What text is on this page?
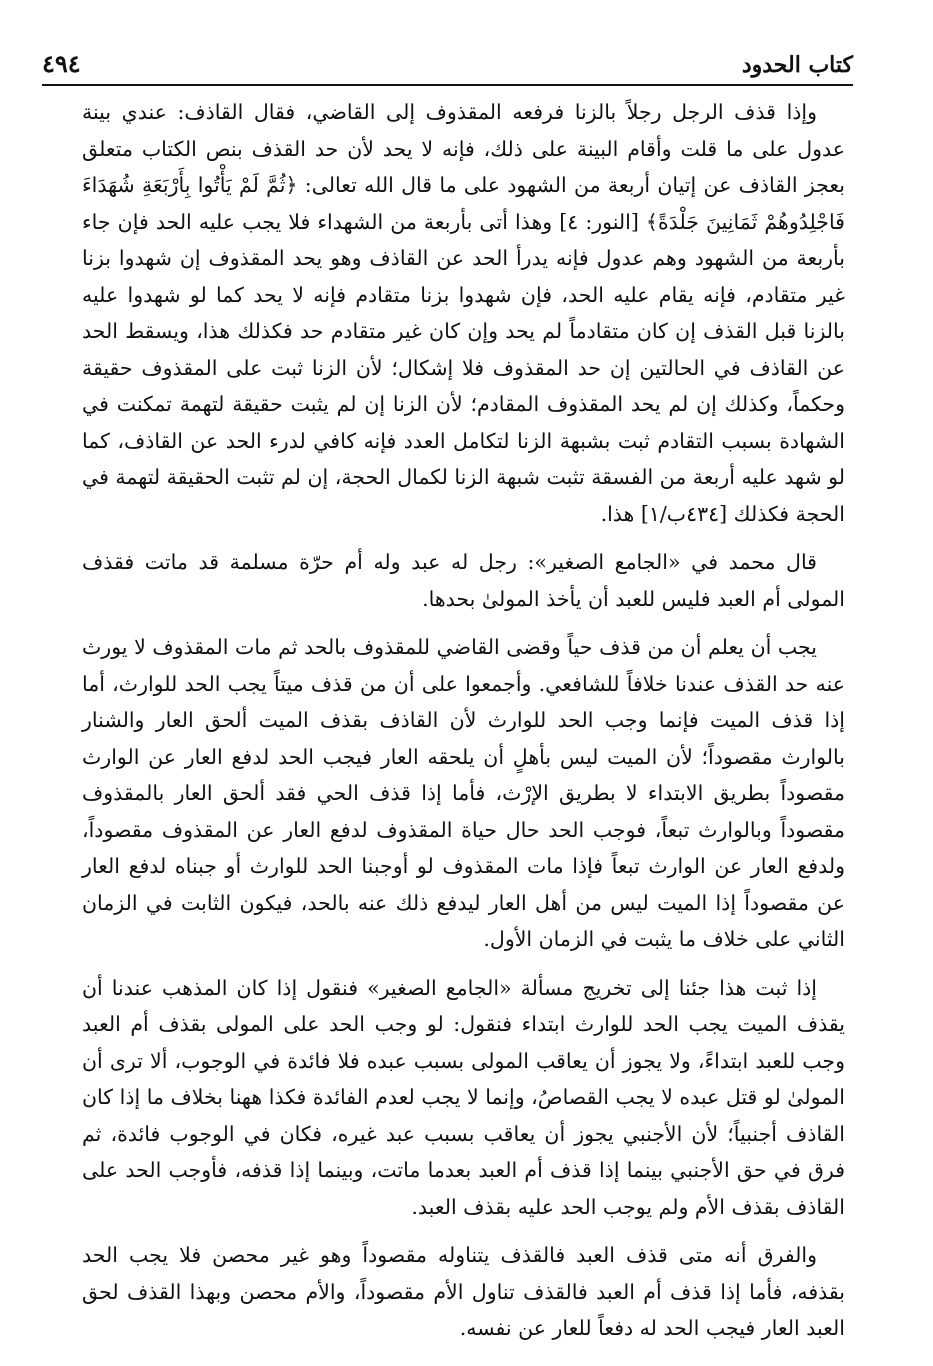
كتاب الحدود
٤٩٤

وإذا قذف الرجل رجلاً بالزنا فرفعه المقذوف إلى القاضي، فقال القاذف: عندي بينة عدول على ما قلت وأقام البينة على ذلك، فإنه لا يحد لأن حد القذف بنص الكتاب متعلق بعجز القاذف عن إتيان أربعة من الشهود على ما قال الله تعالى: ﴿ثُمَّ لَمْ يَأْتُوا بِأَرْبَعَةِ شُهَدَاءَ فَاجْلِدُوهُمْ ثَمَانِينَ جَلْدَةً﴾ [النور: ٤] وهذا أتى بأربعة من الشهداء فلا يجب عليه الحد فإن جاء بأربعة من الشهود وهم عدول فإنه يدرأ الحد عن القاذف وهو يحد المقذوف إن شهدوا بزنا غير متقادم، فإنه يقام عليه الحد، فإن شهدوا بزنا متقادم فإنه لا يحد كما لو شهدوا عليه بالزنا قبل القذف إن كان متقادماً لم يحد وإن كان غير متقادم حد فكذلك هذا، ويسقط الحد عن القاذف في الحالتين إن حد المقذوف فلا إشكال؛ لأن الزنا ثبت على المقذوف حقيقة وحكماً، وكذلك إن لم يحد المقذوف المقادم؛ لأن الزنا إن لم يثبت حقيقة لتهمة تمكنت في الشهادة بسبب التقادم ثبت بشبهة الزنا لتكامل العدد فإنه كافي لدرء الحد عن القاذف، كما لو شهد عليه أربعة من الفسقة تثبت شبهة الزنا لكمال الحجة، إن لم تثبت الحقيقة لتهمة في الحجة فكذلك [٤٣٤ب/١] هذا.

قال محمد في «الجامع الصغير»: رجل له عبد وله أم حرّة مسلمة قد ماتت فقذف المولى أم العبد فليس للعبد أن يأخذ المولىٰ بحدها.

يجب أن يعلم أن من قذف حياً وقضى القاضي للمقذوف بالحد ثم مات المقذوف لا يورث عنه حد القذف عندنا خلافاً للشافعي. وأجمعوا على أن من قذف ميتاً يجب الحد للوارث، أما إذا قذف الميت فإنما وجب الحد للوارث لأن القاذف بقذف الميت ألحق العار والشنار بالوارث مقصوداً؛ لأن الميت ليس بأهلٍ أن يلحقه العار فيجب الحد لدفع العار عن الوارث مقصوداً بطريق الابتداء لا بطريق الإرْث، فأما إذا قذف الحي فقد ألحق العار بالمقذوف مقصوداً وبالوارث تبعاً، فوجب الحد حال حياة المقذوف لدفع العار عن المقذوف مقصوداً، ولدفع العار عن الوارث تبعاً فإذا مات المقذوف لو أوجبنا الحد للوارث أو جبناه لدفع العار عن مقصوداً إذا الميت ليس من أهل العار ليدفع ذلك عنه بالحد، فيكون الثابت في الزمان الثاني على خلاف ما يثبت في الزمان الأول.

إذا ثبت هذا جئنا إلى تخريج مسألة «الجامع الصغير» فنقول إذا كان المذهب عندنا أن يقذف الميت يجب الحد للوارث ابتداء فنقول: لو وجب الحد على المولى بقذف أم العبد وجب للعبد ابتداءً، ولا يجوز أن يعاقب المولى بسبب عبده فلا فائدة في الوجوب، ألا ترى أن المولىٰ لو قتل عبده لا يجب القصاصُ، وإنما لا يجب لعدم الفائدة فكذا ههنا بخلاف ما إذا كان القاذف أجنبياً؛ لأن الأجنبي يجوز أن يعاقب بسبب عبد غيره، فكان في الوجوب فائدة، ثم فرق في حق الأجنبي بينما إذا قذف أم العبد بعدما ماتت، وبينما إذا قذفه، فأوجب الحد على القاذف بقذف الأم ولم يوجب الحد عليه بقذف العبد.

والفرق أنه متى قذف العبد فالقذف يتناوله مقصوداً وهو غير محصن فلا يجب الحد بقذفه، فأما إذا قذف أم العبد فالقذف تناول الأم مقصوداً، والأم محصن وبهذا القذف لحق العبد العار فيجب الحد له دفعاً للعار عن نفسه.
